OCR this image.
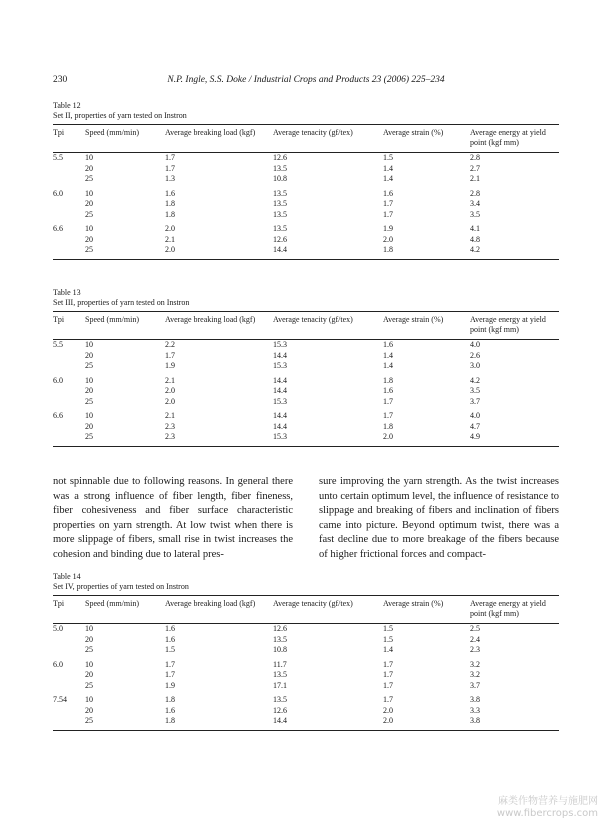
230	N.P. Ingle, S.S. Doke / Industrial Crops and Products 23 (2006) 225–234

Table 12

Set II, properties of yarn tested on Instron

Tpi	Speed (mm/min)	Average breaking load (kgf)	Average tenacity (gf/tex)	Average strain (%)	Average energy at yield point (kgf mm)
5.5	10	1.7	12.6	1.5	2.8
	20	1.7	13.5	1.4	2.7
	25	1.3	10.8	1.4	2.1
6.0	10	1.6	13.5	1.6	2.8
	20	1.8	13.5	1.7	3.4
	25	1.8	13.5	1.7	3.5
6.6	10	2.0	13.5	1.9	4.1
	20	2.1	12.6	2.0	4.8
	25	2.0	14.4	1.8	4.2

Table 13

Set III, properties of yarn tested on Instron

Tpi	Speed (mm/min)	Average breaking load (kgf)	Average tenacity (gf/tex)	Average strain (%)	Average energy at yield point (kgf mm)
5.5	10	2.2	15.3	1.6	4.0
	20	1.7	14.4	1.4	2.6
	25	1.9	15.3	1.4	3.0
6.0	10	2.1	14.4	1.8	4.2
	20	2.0	14.4	1.6	3.5
	25	2.0	15.3	1.7	3.7
6.6	10	2.1	14.4	1.7	4.0
	20	2.3	14.4	1.8	4.7
	25	2.3	15.3	2.0	4.9
not spinnable due to following reasons. In general there was a strong influence of fiber length, fiber fineness, fiber cohesiveness and fiber surface characteristic properties on yarn strength. At low twist when there is more slippage of fibers, small rise in twist increases the cohesion and binding due to lateral pres-
sure improving the yarn strength. As the twist increases unto certain optimum level, the influence of resistance to slippage and breaking of fibers and inclination of fibers came into picture. Beyond optimum twist, there was a fast decline due to more breakage of the fibers because of higher frictional forces and compact-

Table 14

Set IV, properties of yarn tested on Instron

Tpi	Speed (mm/min)	Average breaking load (kgf)	Average tenacity (gf/tex)	Average strain (%)	Average energy at yield point (kgf mm)
5.0	10	1.6	12.6	1.5	2.5
	20	1.6	13.5	1.5	2.4
	25	1.5	10.8	1.4	2.3
6.0	10	1.7	11.7	1.7	3.2
	20	1.7	13.5	1.7	3.2
	25	1.9	17.1	1.7	3.7
7.54	10	1.8	13.5	1.7	3.8
	20	1.6	12.6	2.0	3.3
	25	1.8	14.4	2.0	3.8
麻类作物营养与施肥网
www.fibercrops.com
